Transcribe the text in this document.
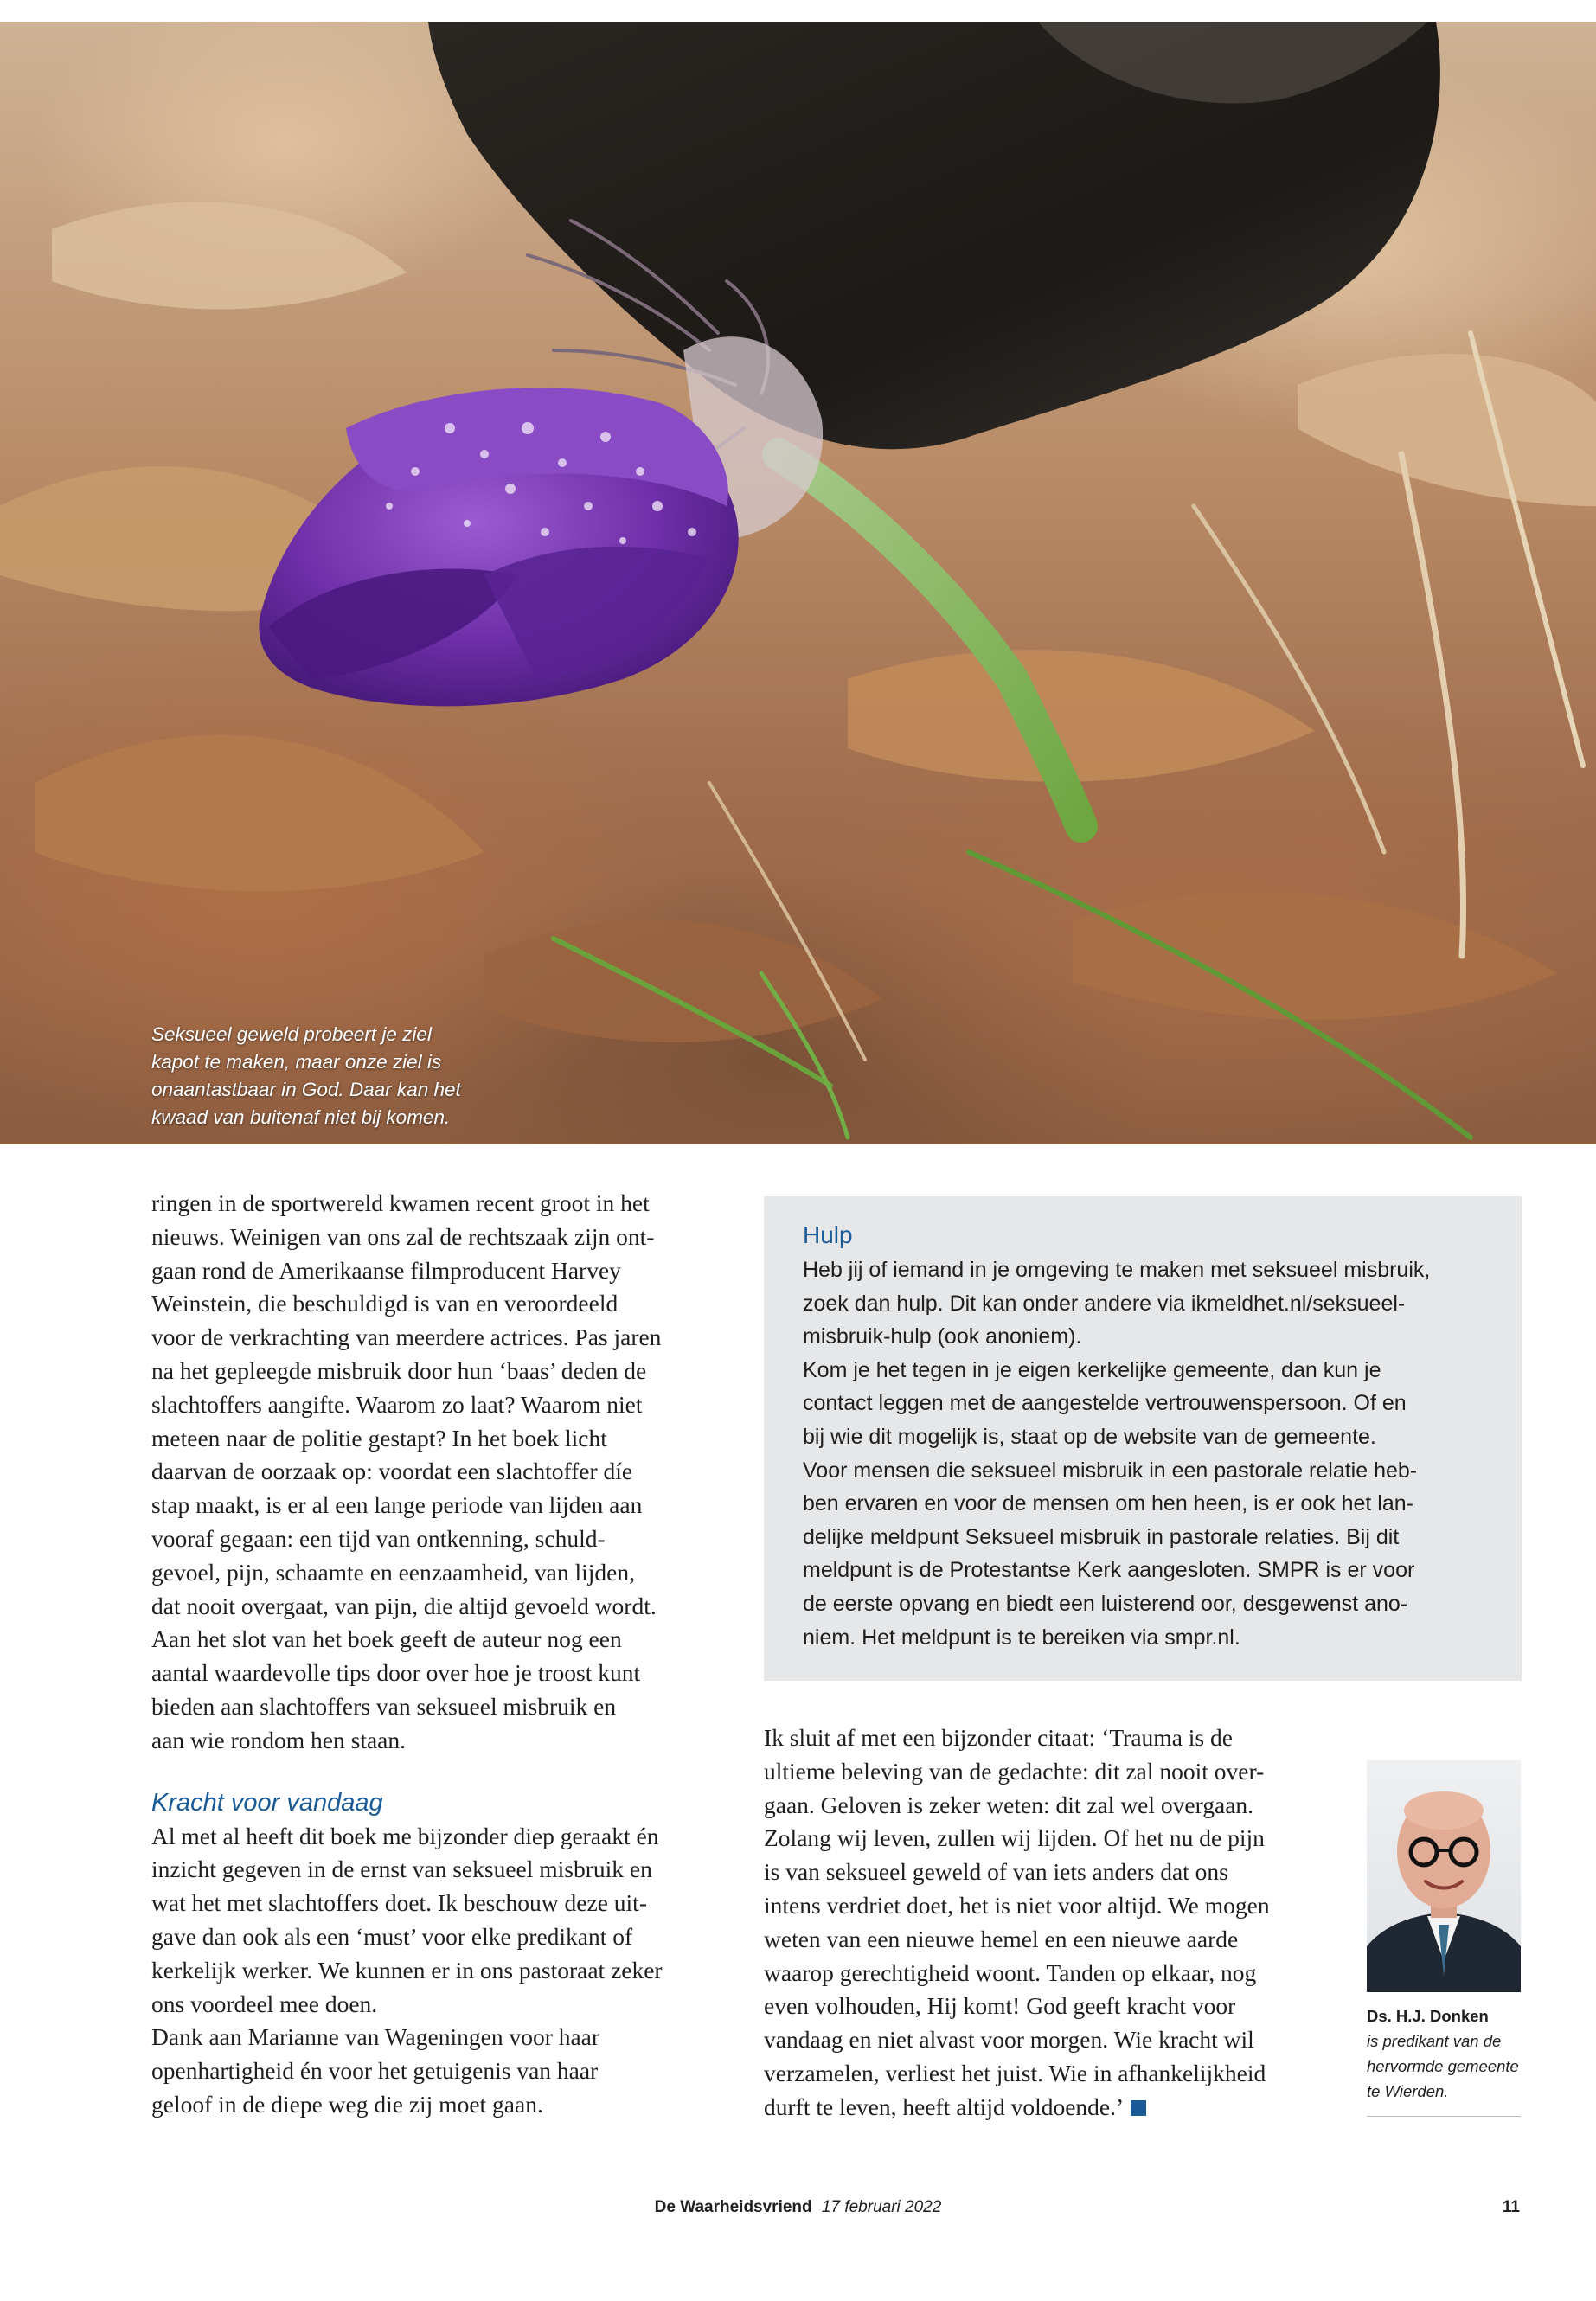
Seksueel geweld probeert je ziel
kapot te maken, maar onze ziel is
onaantastbaar in God. Daar kan het
kwaad van buitenaf niet bij komen.

ringen in de sportwereld kwamen recent groot in het

nieuws. Weinigen van ons zal de rechtszaak zijn ont-

gaan rond de Amerikaanse filmproducent Harvey

Weinstein, die beschuldigd is van en veroordeeld

voor de verkrachting van meerdere actrices. Pas jaren

na het gepleegde misbruik door hun ‘baas’ deden de

slachtoffers aangifte. Waarom zo laat? Waarom niet

meteen naar de politie gestapt? In het boek licht

daarvan de oorzaak op: voordat een slachtoffer díe

stap maakt, is er al een lange periode van lijden aan

vooraf gegaan: een tijd van ontkenning, schuld-

gevoel, pijn, schaamte en eenzaamheid, van lijden,

dat nooit overgaat, van pijn, die altijd gevoeld wordt.

Aan het slot van het boek geeft de auteur nog een

aantal waardevolle tips door over hoe je troost kunt

bieden aan slachtoffers van seksueel misbruik en

aan wie rondom hen staan.

Kracht voor vandaag

Al met al heeft dit boek me bijzonder diep geraakt én

inzicht gegeven in de ernst van seksueel misbruik en

wat het met slachtoffers doet. Ik beschouw deze uit-

gave dan ook als een ‘must’ voor elke predikant of

kerkelijk werker. We kunnen er in ons pastoraat zeker

ons voordeel mee doen.

Dank aan Marianne van Wageningen voor haar

openhartigheid én voor het getuigenis van haar

geloof in de diepe weg die zij moet gaan.

Hulp

Heb jij of iemand in je omgeving te maken met seksueel misbruik,

zoek dan hulp. Dit kan onder andere via ikmeldhet.nl/seksueel-

misbruik-hulp (ook anoniem).

Kom je het tegen in je eigen kerkelijke gemeente, dan kun je

contact leggen met de aangestelde vertrouwenspersoon. Of en

bij wie dit mogelijk is, staat op de website van de gemeente.

Voor mensen die seksueel misbruik in een pastorale relatie heb-

ben ervaren en voor de mensen om hen heen, is er ook het lan-

delijke meldpunt Seksueel misbruik in pastorale relaties. Bij dit

meldpunt is de Protestantse Kerk aangesloten. SMPR is er voor

de eerste opvang en biedt een luisterend oor, desgewenst ano-

niem. Het meldpunt is te bereiken via smpr.nl.

Ik sluit af met een bijzonder citaat: ‘Trauma is de

ultieme beleving van de gedachte: dit zal nooit over-

gaan. Geloven is zeker weten: dit zal wel overgaan.

Zolang wij leven, zullen wij lijden. Of het nu de pijn

is van seksueel geweld of van iets anders dat ons

intens verdriet doet, het is niet voor altijd. We mogen

weten van een nieuwe hemel en een nieuwe aarde

waarop gerechtigheid woont. Tanden op elkaar, nog

even volhouden, Hij komt! God geeft kracht voor

vandaag en niet alvast voor morgen. Wie kracht wil

verzamelen, verliest het juist. Wie in afhankelijkheid

durft te leven, heeft altijd voldoende.’

Ds. H.J. Donken
is predikant van de
hervormde gemeente
te Wierden.
De Waarheidsvriend 17 februari 2022	11
